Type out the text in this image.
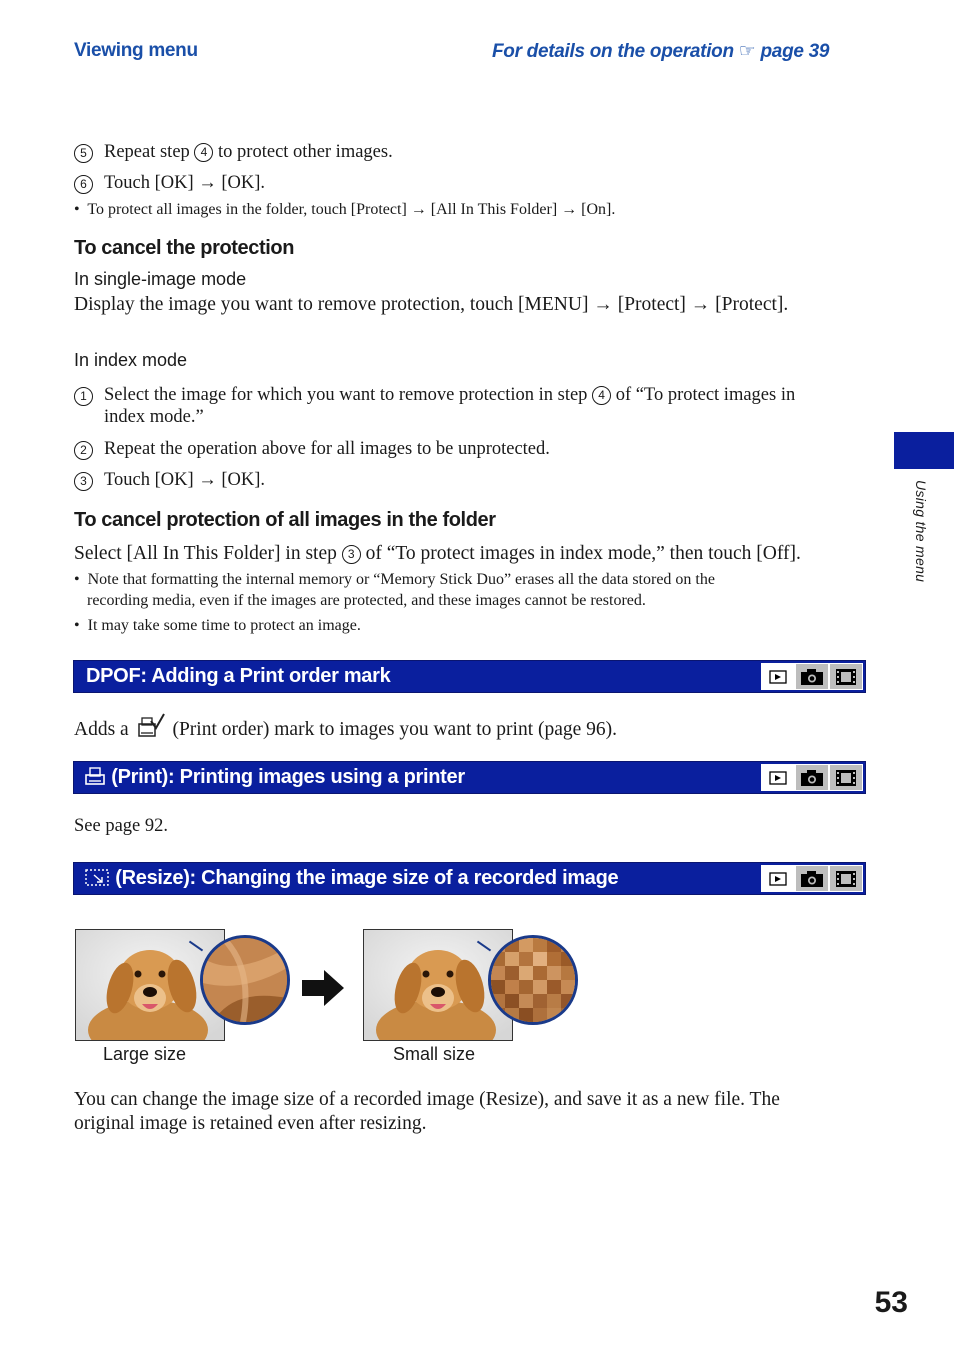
Viewing menu	For details on the operation ☞ page 39
5 Repeat step 4 to protect other images.
6 Touch [OK] → [OK].
•  To protect all images in the folder, touch [Protect] → [All In This Folder] → [On].
To cancel the protection
In single-image mode
Display the image you want to remove protection, touch [MENU] → [Protect] → [Protect].
In index mode
1 Select the image for which you want to remove protection in step 4 of “To protect images in
index mode.”
2 Repeat the operation above for all images to be unprotected.
3 Touch [OK] → [OK].
To cancel protection of all images in the folder
Select [All In This Folder] in step 3 of “To protect images in index mode,” then touch [Off].
•  Note that formatting the internal memory or “Memory Stick Duo” erases all the data stored on the
recording media, even if the images are protected, and these images cannot be restored.
•  It may take some time to protect an image.
DPOF: Adding a Print order mark
Adds a (Print order) mark to images you want to print (page 96).
(Print): Printing images using a printer
See page 92.
(Resize): Changing the image size of a recorded image
Large size	Small size
You can change the image size of a recorded image (Resize), and save it as a new file. The
original image is retained even after resizing.
Using the menu
53
